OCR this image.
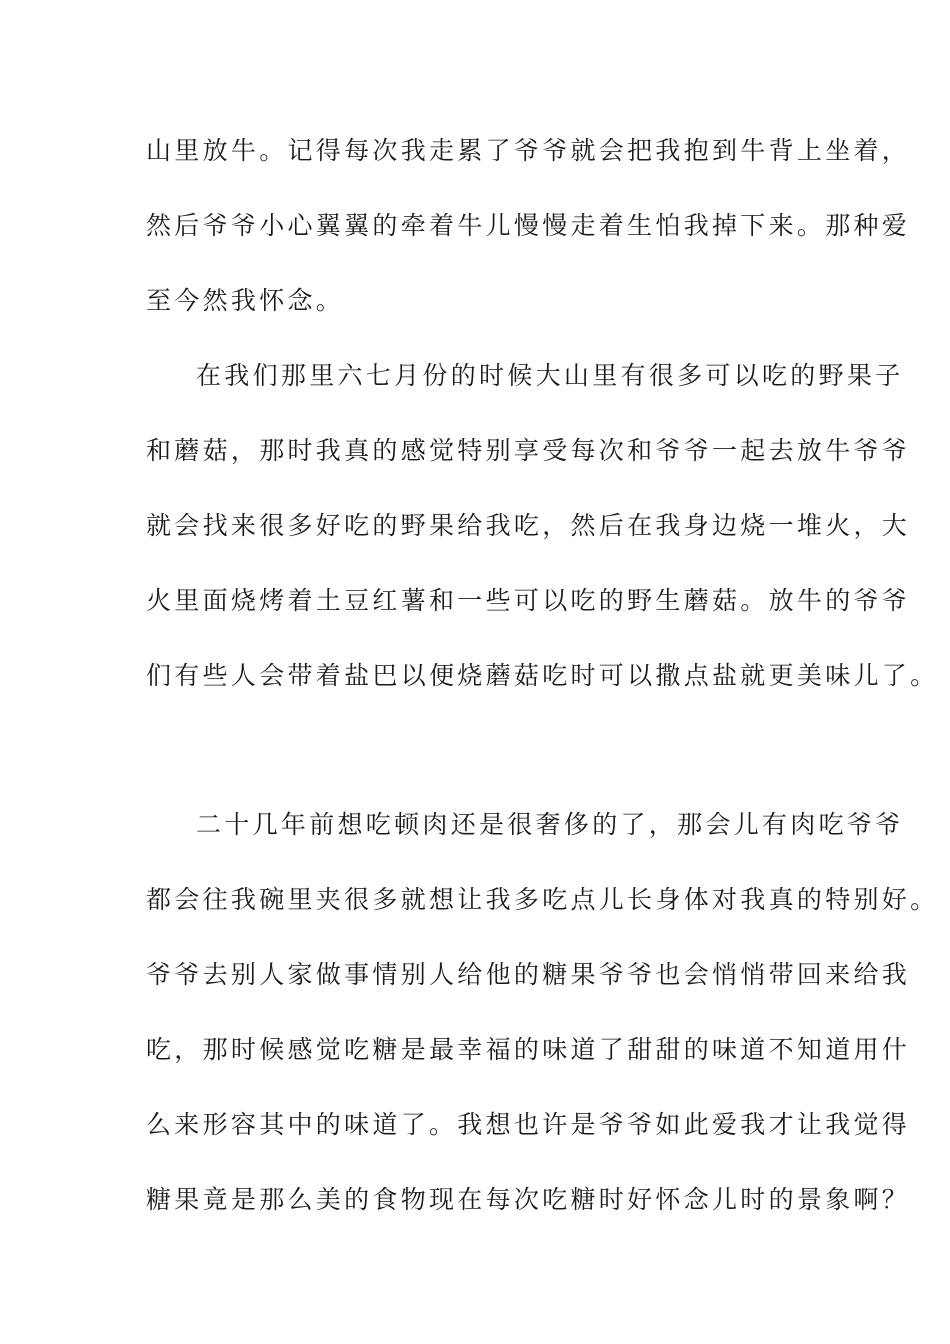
山里放牛。记得每次我走累了爷爷就会把我抱到牛背上坐着，
然后爷爷小心翼翼的牵着牛儿慢慢走着生怕我掉下来。那种爱
至今然我怀念。
在我们那里六七月份的时候大山里有很多可以吃的野果子
和蘑菇，那时我真的感觉特别享受每次和爷爷一起去放牛爷爷
就会找来很多好吃的野果给我吃，然后在我身边烧一堆火，大
火里面烧烤着土豆红薯和一些可以吃的野生蘑菇。放牛的爷爷
们有些人会带着盐巴以便烧蘑菇吃时可以撒点盐就更美味儿了。
二十几年前想吃顿肉还是很奢侈的了，那会儿有肉吃爷爷
都会往我碗里夹很多就想让我多吃点儿长身体对我真的特别好。
爷爷去别人家做事情别人给他的糖果爷爷也会悄悄带回来给我
吃，那时候感觉吃糖是最幸福的味道了甜甜的味道不知道用什
么来形容其中的味道了。我想也许是爷爷如此爱我才让我觉得
糖果竟是那么美的食物现在每次吃糖时好怀念儿时的景象啊？
